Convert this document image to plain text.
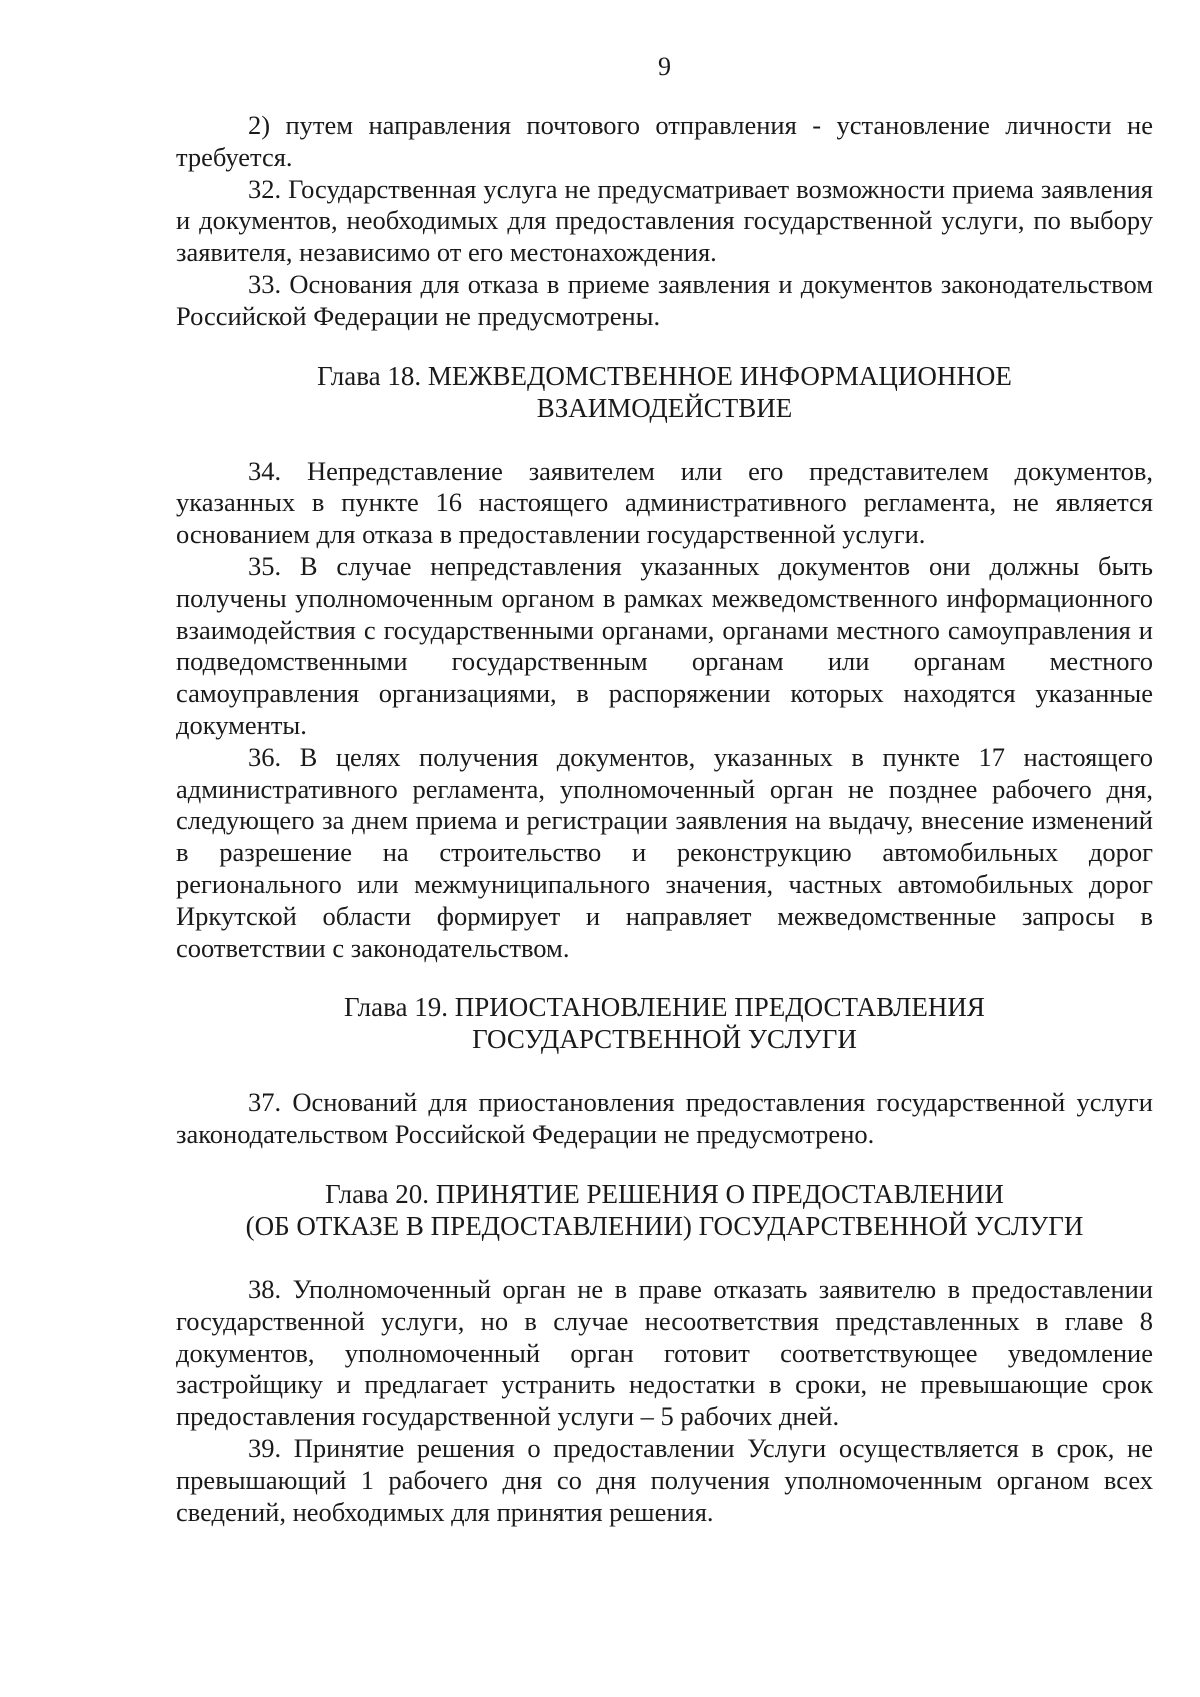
9

2) путем направления почтового отправления - установление личности не требуется.

32. Государственная услуга не предусматривает возможности приема заявления и документов, необходимых для предоставления государственной услуги, по выбору заявителя, независимо от его местонахождения.

33. Основания для отказа в приеме заявления и документов законодательством Российской Федерации не предусмотрены.

Глава 18. МЕЖВЕДОМСТВЕННОЕ ИНФОРМАЦИОННОЕ

ВЗАИМОДЕЙСТВИЕ

34. Непредставление заявителем или его представителем документов, указанных в пункте 16 настоящего административного регламента, не является основанием для отказа в предоставлении государственной услуги.

35. В случае непредставления указанных документов они должны быть получены уполномоченным органом в рамках межведомственного информационного взаимодействия с государственными органами, органами местного самоуправления и подведомственными государственным органам или органам местного самоуправления организациями, в распоряжении которых находятся указанные документы.

36. В целях получения документов, указанных в пункте 17 настоящего административного регламента, уполномоченный орган не позднее рабочего дня, следующего за днем приема и регистрации заявления на выдачу, внесение изменений в разрешение на строительство и реконструкцию автомобильных дорог регионального или межмуниципального значения, частных автомобильных дорог Иркутской области формирует и направляет межведомственные запросы в соответствии с законодательством.

Глава 19. ПРИОСТАНОВЛЕНИЕ ПРЕДОСТАВЛЕНИЯ

ГОСУДАРСТВЕННОЙ УСЛУГИ

37. Оснований для приостановления предоставления государственной услуги законодательством Российской Федерации не предусмотрено.

Глава 20. ПРИНЯТИЕ РЕШЕНИЯ О ПРЕДОСТАВЛЕНИИ

(ОБ ОТКАЗЕ В ПРЕДОСТАВЛЕНИИ) ГОСУДАРСТВЕННОЙ УСЛУГИ

38. Уполномоченный орган не в праве отказать заявителю в предоставлении государственной услуги, но в случае несоответствия представленных в главе 8 документов, уполномоченный орган готовит соответствующее уведомление застройщику и предлагает устранить недостатки в сроки, не превышающие срок предоставления государственной услуги – 5 рабочих дней.

39. Принятие решения о предоставлении Услуги осуществляется в срок, не превышающий 1 рабочего дня со дня получения уполномоченным органом всех сведений, необходимых для принятия решения.
